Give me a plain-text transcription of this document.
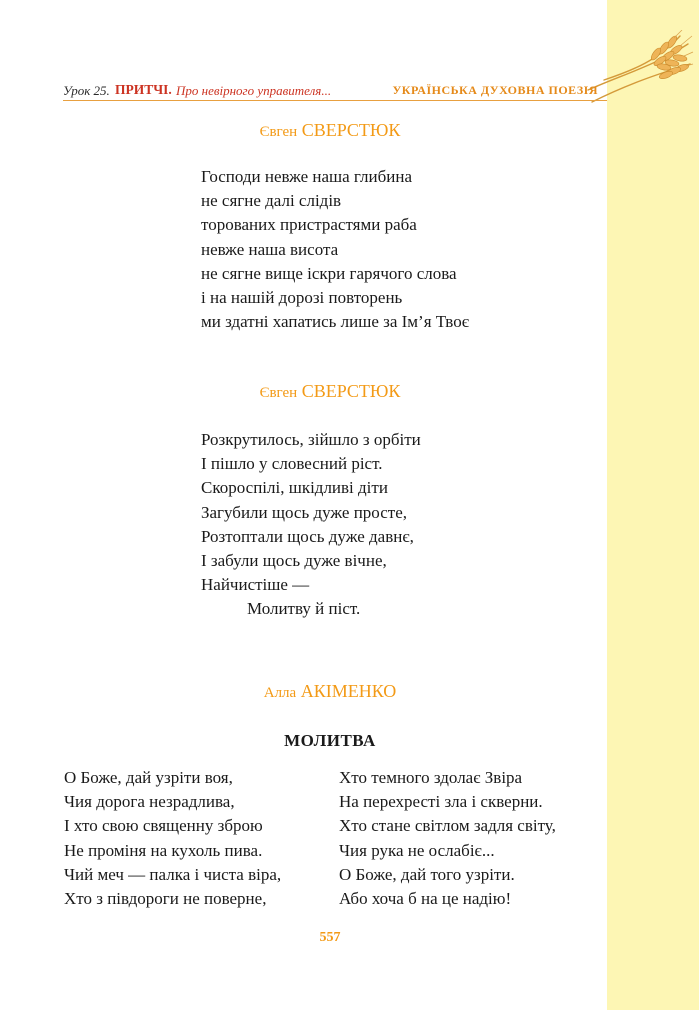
Урок 25. ПРИТЧІ. Про невірного управителя...	УКРАЇНСЬКА ДУХОВНА ПОЕЗІЯ
Євген СВЕРСТЮК
Господи невже наша глибина
не сягне далі слідів
торованих пристрастями раба
невже наша висота
не сягне вище іскри гарячого слова
і на нашій дорозі повторень
ми здатні хапатись лише за Ім’я Твоє
Євген СВЕРСТЮК
Розкрутилось, зійшло з орбіти
І пішло у словесний ріст.
Скороспілі, шкідливі діти
Загубили щось дуже просте,
Розтоптали щось дуже давнє,
І забули щось дуже вічне,
Найчистіше —
Молитву й піст.
Алла АКІМЕНКО
МОЛИТВА
О Боже, дай узріти воя,
Чия дорога незрадлива,
І хто свою священну зброю
Не проміня на кухоль пива.
Чий меч — палка і чиста віра,
Хто з півдороги не поверне,
Хто темного здолає Звіра
На перехресті зла і скверни.
Хто стане світлом задля світу,
Чия рука не ослабіє...
О Боже, дай того узріти.
Або хоча б на це надію!
557
